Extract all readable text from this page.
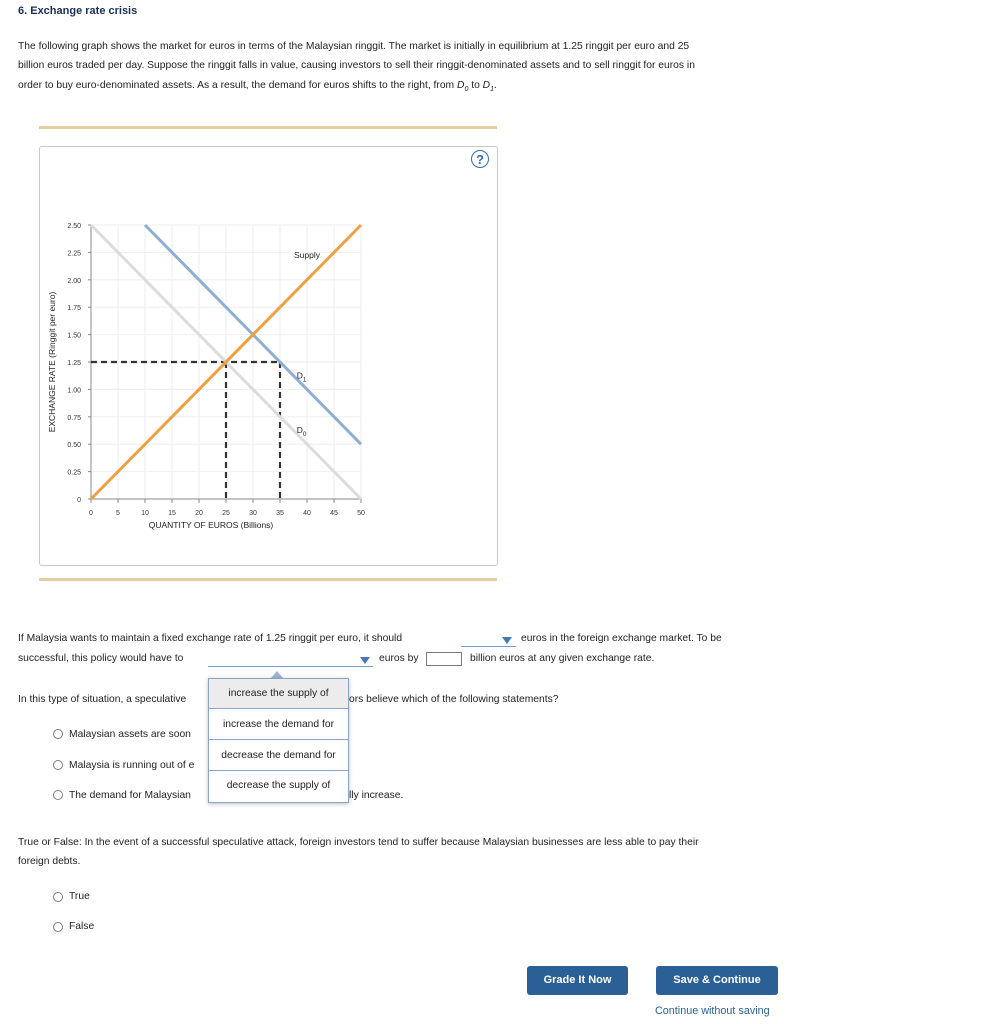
6. Exchange rate crisis
The following graph shows the market for euros in terms of the Malaysian ringgit. The market is initially in equilibrium at 1.25 ringgit per euro and 25
billion euros traded per day. Suppose the ringgit falls in value, causing investors to sell their ringgit-denominated assets and to sell ringgit for euros in
order to buy euro-denominated assets. As a result, the demand for euros shifts to the right, from $D_0$ to $D_1$.
?
0
0.25
0.50
0.75
1.00
1.25
1.50
1.75
2.00
2.25
2.50
0	5	10	15	20	25	30	35	40	45	50
QUANTITY OF EUROS (Billions)
EXCHANGE RATE (Ringgit per euro)
Supply
$D_1$
$D_0$
If Malaysia wants to maintain a fixed exchange rate of 1.25 ringgit per euro, it should	euros in the foreign exchange market. To be
successful, this policy would have to	euros by	billion euros at any given exchange rate.
In this type of situation, a speculative	ors believe which of the following statements?
Malaysian assets are soon
Malaysia is running out of e
The demand for Malaysian	lly increase.
increase the supply of
increase the demand for
decrease the demand for
decrease the supply of
True or False: In the event of a successful speculative attack, foreign investors tend to suffer because Malaysian businesses are less able to pay their
foreign debts.
True
False
Grade It Now	Save & Continue
Continue without saving
